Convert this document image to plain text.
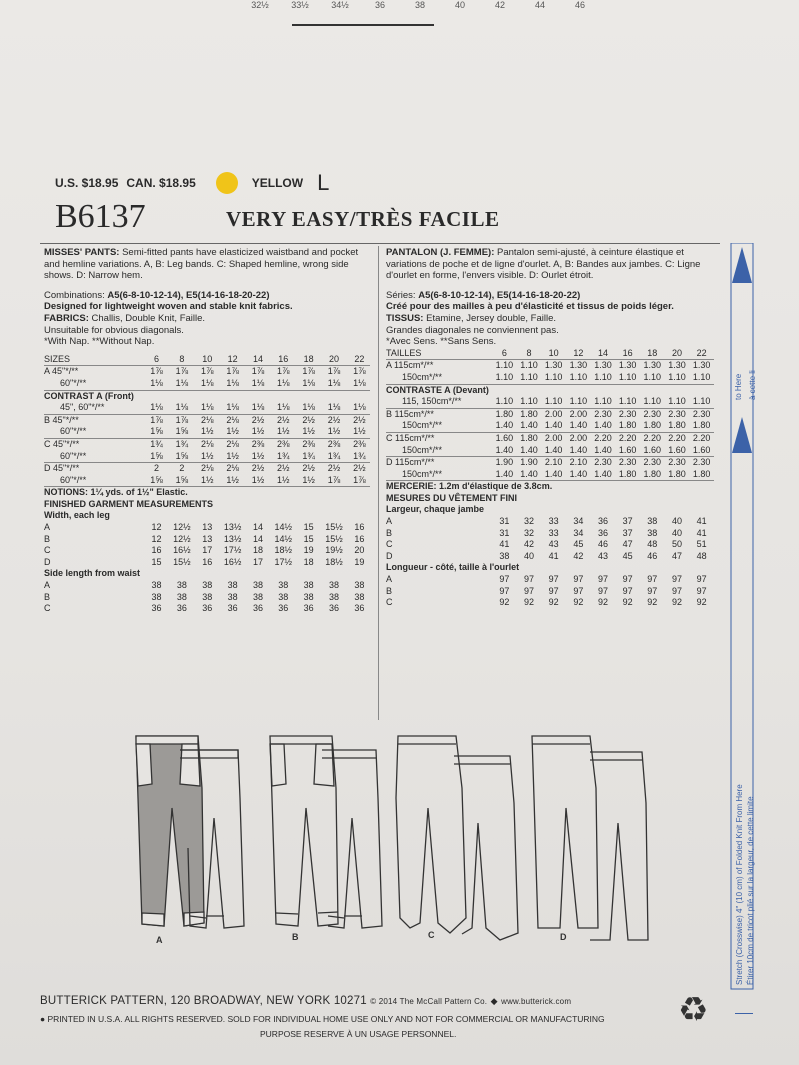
32½	33½	34½	36	38	40	42	44	46
U.S. $18.95 CAN. $18.95	YELLOW L
B6137	VERY EASY/TRÈS FACILE

MISSES' PANTS: Semi-fitted pants have elasticized waistband and pocket and hemline variations. A, B: Leg bands. C: Shaped hemline, wrong side shows. D: Narrow hem.

Combinations: A5(6-8-10-12-14), E5(14-16-18-20-22)

Designed for lightweight woven and stable knit fabrics.

FABRICS: Challis, Double Knit, Faille.

Unsuitable for obvious diagonals.

*With Nap. **Without Nap.

SIZES	6	8	10	12	14	16	18	20	22
A 45"*/**	1⅞	1⅞	1⅞	1⅞	1⅞	1⅞	1⅞	1⅞	1⅞
60"*/**	1⅛	1⅛	1⅛	1⅛	1⅛	1⅛	1⅛	1⅛	1⅛
CONTRAST A (Front)									
45", 60"*/**	1⅛	1⅛	1⅛	1⅛	1⅛	1⅛	1⅛	1⅛	1⅛
B 45"*/**	1⅞	1⅞	2⅛	2⅛	2½	2½	2½	2½	2½
60"*/**	1⅝	1⅝	1½	1½	1½	1½	1½	1½	1½
C 45"*/**	1¾	1¾	2⅛	2⅛	2⅜	2⅜	2⅜	2⅜	2⅜
60"*/**	1⅝	1⅝	1½	1½	1½	1¾	1¾	1¾	1¾
D 45"*/**	2	2	2⅛	2⅛	2½	2½	2½	2½	2½
60"*/**	1⅝	1⅝	1½	1½	1½	1½	1½	1⅞	1⅞
NOTIONS: 1¼ yds. of 1½" Elastic.									
FINISHED GARMENT MEASUREMENTS									
Width, each leg									
A	12	12½	13	13½	14	14½	15	15½	16
B	12	12½	13	13½	14	14½	15	15½	16
C	16	16½	17	17½	18	18½	19	19½	20
D	15	15½	16	16½	17	17½	18	18½	19
Side length from waist									
A	38	38	38	38	38	38	38	38	38
B	38	38	38	38	38	38	38	38	38
C	36	36	36	36	36	36	36	36	36

PANTALON (J. FEMME): Pantalon semi-ajusté, à ceinture élastique et variations de poche et de ligne d'ourlet. A, B: Bandes aux jambes. C: Ligne d'ourlet en forme, l'envers visible. D: Ourlet étroit.

Séries: A5(6-8-10-12-14), E5(14-16-18-20-22)

Créé pour des mailles à peu d'élasticité et tissus de poids léger.

TISSUS: Etamine, Jersey double, Faille.

Grandes diagonales ne conviennent pas.

*Avec Sens. **Sans Sens.

TAILLES	6	8	10	12	14	16	18	20	22
A 115cm*/**	1.10	1.10	1.30	1.30	1.30	1.30	1.30	1.30	1.30
150cm*/**	1.10	1.10	1.10	1.10	1.10	1.10	1.10	1.10	1.10
CONTRASTE A (Devant)									
115, 150cm*/**	1.10	1.10	1.10	1.10	1.10	1.10	1.10	1.10	1.10
B 115cm*/**	1.80	1.80	2.00	2.00	2.30	2.30	2.30	2.30	2.30
150cm*/**	1.40	1.40	1.40	1.40	1.40	1.80	1.80	1.80	1.80
C 115cm*/**	1.60	1.80	2.00	2.00	2.20	2.20	2.20	2.20	2.20
150cm*/**	1.40	1.40	1.40	1.40	1.40	1.60	1.60	1.60	1.60
D 115cm*/**	1.90	1.90	2.10	2.10	2.30	2.30	2.30	2.30	2.30
150cm*/**	1.40	1.40	1.40	1.40	1.40	1.80	1.80	1.80	1.80
MERCERIE: 1.2m d'élastique de 3.8cm.									
MESURES DU VÊTEMENT FINI									
Largeur, chaque jambe									
A	31	32	33	34	36	37	38	40	41
B	31	32	33	34	36	37	38	40	41
C	41	42	43	45	46	47	48	50	51
D	38	40	41	42	43	45	46	47	48
Longueur - côté, taille à l'ourlet									
A	97	97	97	97	97	97	97	97	97
B	97	97	97	97	97	97	97	97	97
C	92	92	92	92	92	92	92	92	92
A	B	C	D
BUTTERICK PATTERN, 120 BROADWAY, NEW YORK 10271 © 2014 The McCall Pattern Co. ◆ www.butterick.com
● PRINTED IN U.S.A. ALL RIGHTS RESERVED. SOLD FOR INDIVIDUAL HOME USE ONLY AND NOT FOR COMMERCIAL OR MANUFACTURING
PURPOSE RESERVE À UN USAGE PERSONNEL.
♻
to Here à cette li
Stretch (Crosswise) 4" (10 cm) of Folded Knit From Here Étirer 10cm de tricot plié sur la largeur, de cette limite
